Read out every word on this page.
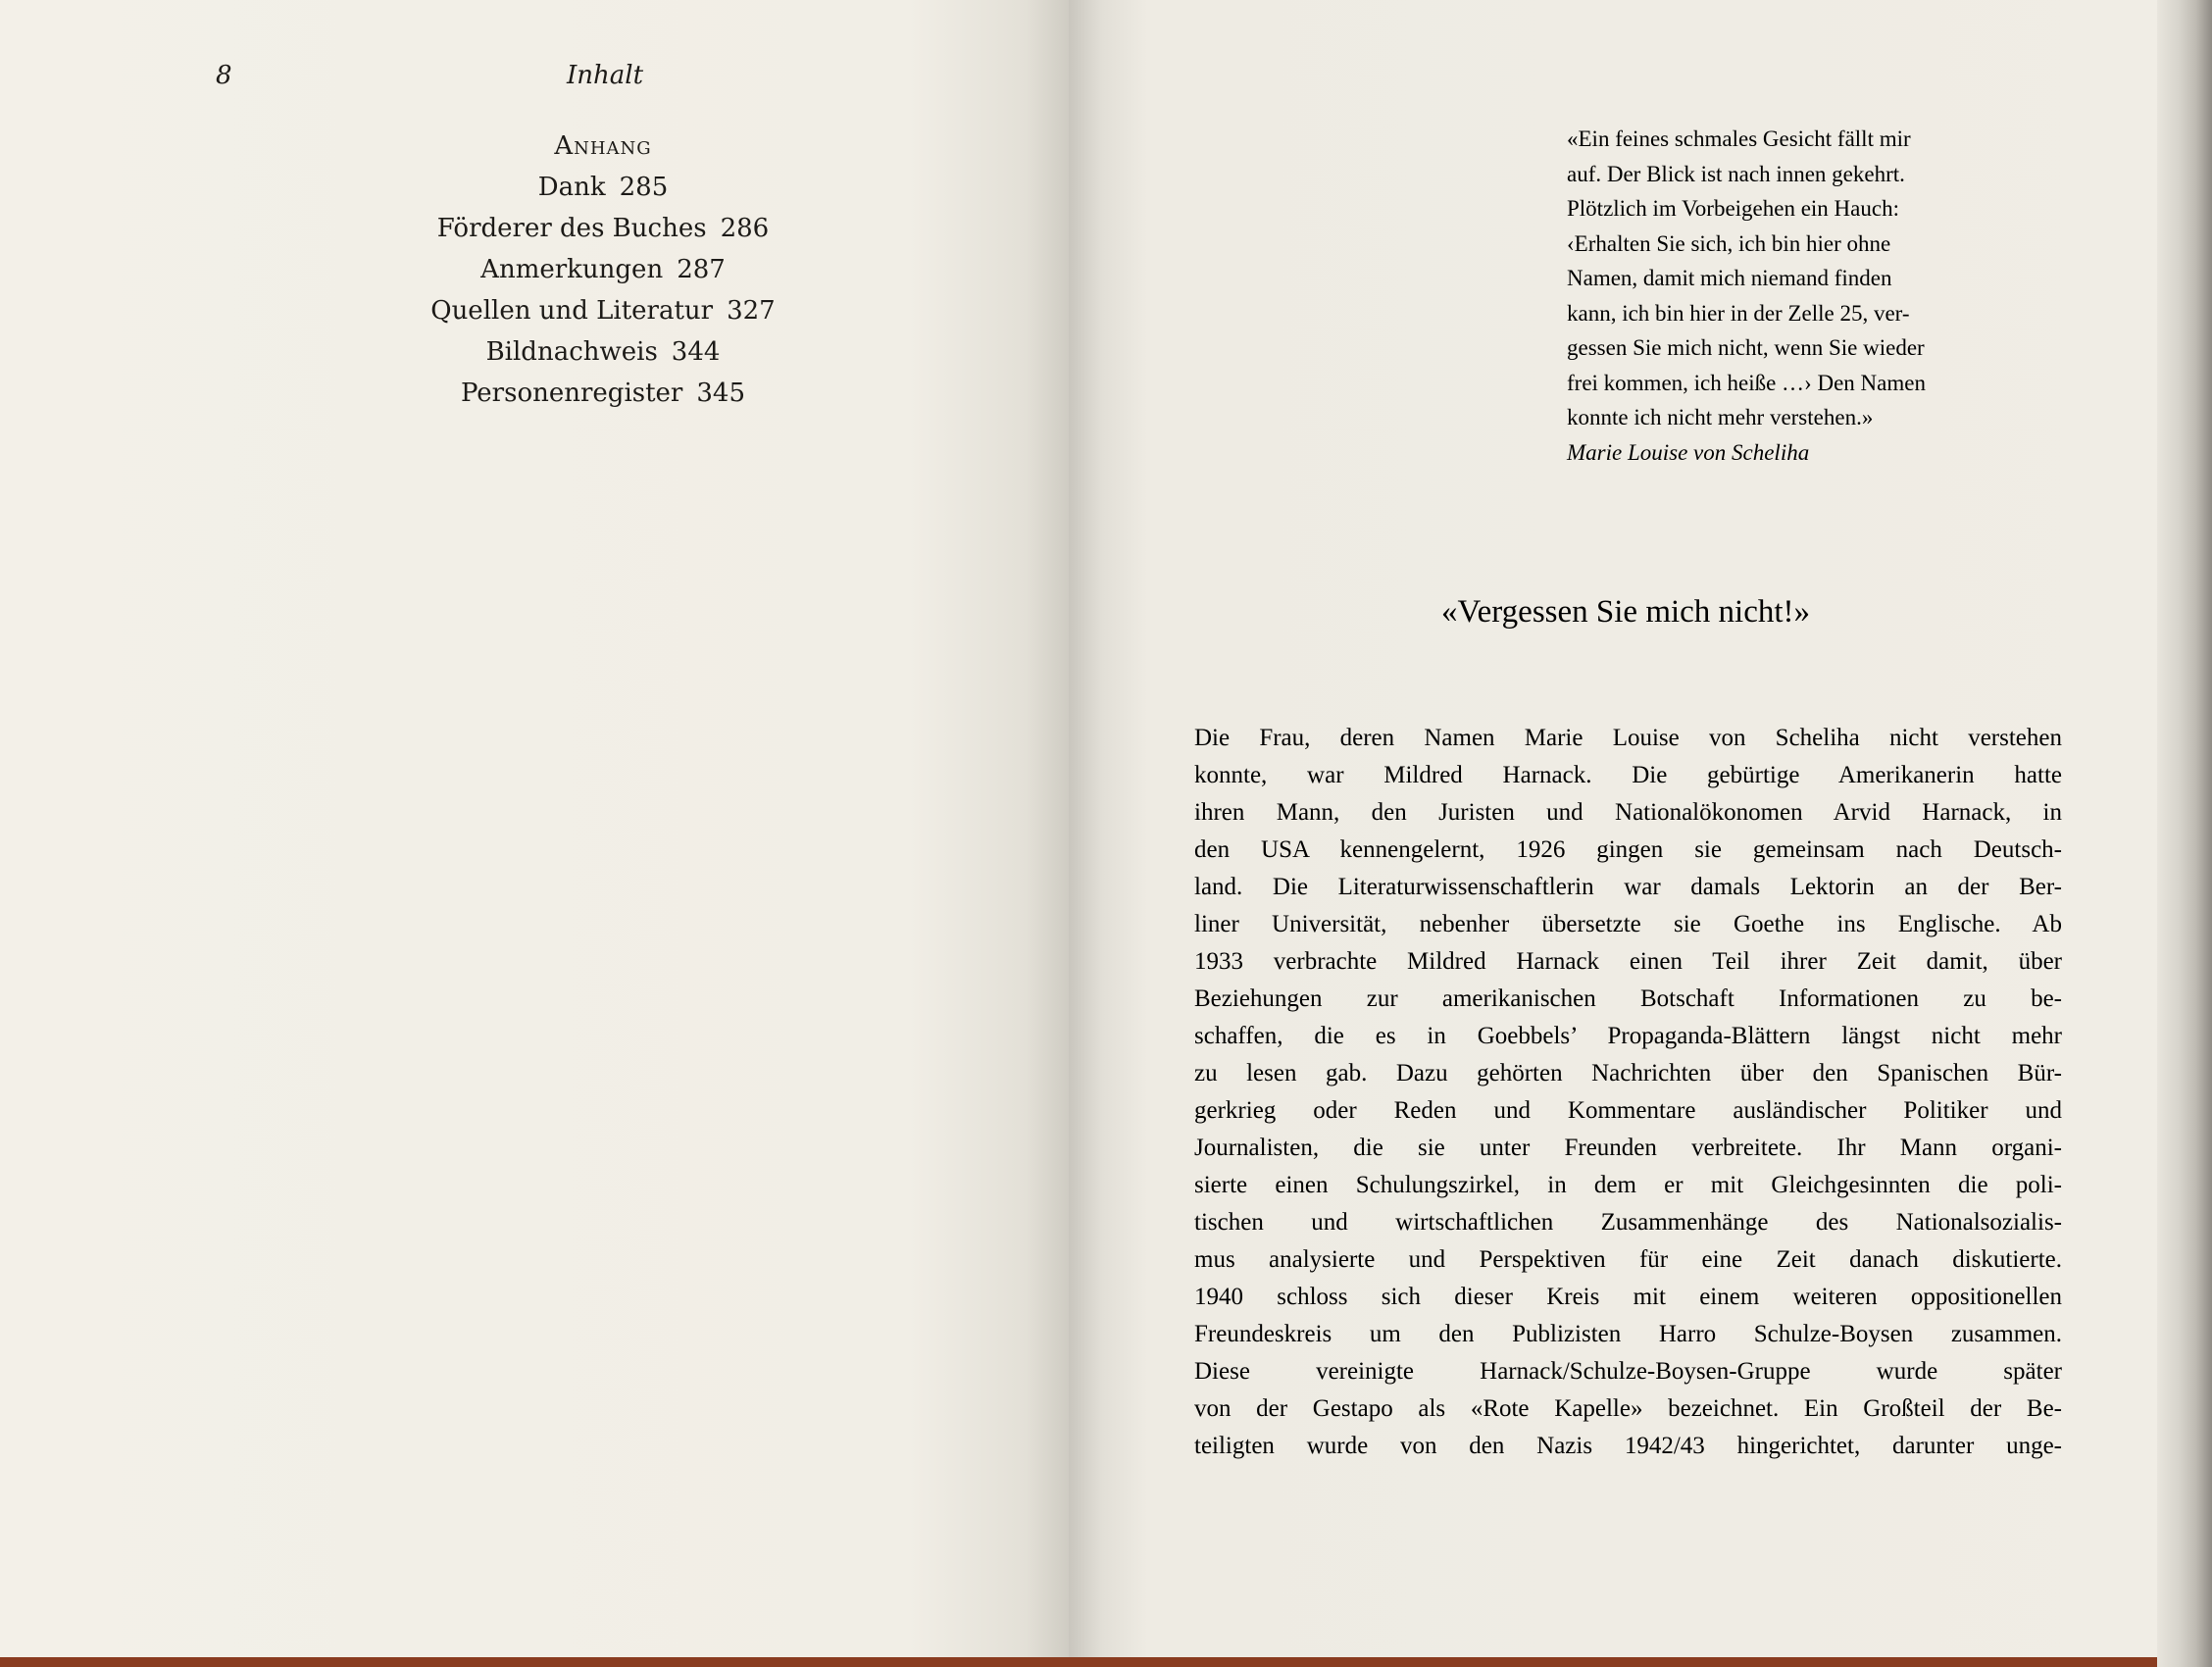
8	Inhalt
Anhang
Dank 285
Förderer des Buches 286
Anmerkungen 287
Quellen und Literatur 327
Bildnachweis 344
Personenregister 345
«Ein feines schmales Gesicht fällt mir
auf. Der Blick ist nach innen gekehrt.
Plötzlich im Vorbeigehen ein Hauch:
‹Erhalten Sie sich, ich bin hier ohne
Namen, damit mich niemand finden
kann, ich bin hier in der Zelle 25, ver-
gessen Sie mich nicht, wenn Sie wieder
frei kommen, ich heiße …› Den Namen
konnte ich nicht mehr verstehen.»
Marie Louise von Scheliha
«Vergessen Sie mich nicht!»
Die Frau, deren Namen Marie Louise von Scheliha nicht verstehen
konnte, war Mildred Harnack. Die gebürtige Amerikanerin hatte
ihren Mann, den Juristen und Nationalökonomen Arvid Harnack, in
den USA kennengelernt, 1926 gingen sie gemeinsam nach Deutsch-
land. Die Literaturwissenschaftlerin war damals Lektorin an der Ber-
liner Universität, nebenher übersetzte sie Goethe ins Englische. Ab
1933 verbrachte Mildred Harnack einen Teil ihrer Zeit damit, über
Beziehungen zur amerikanischen Botschaft Informationen zu be-
schaffen, die es in Goebbels’ Propaganda-Blättern längst nicht mehr
zu lesen gab. Dazu gehörten Nachrichten über den Spanischen Bür-
gerkrieg oder Reden und Kommentare ausländischer Politiker und
Journalisten, die sie unter Freunden verbreitete. Ihr Mann organi-
sierte einen Schulungszirkel, in dem er mit Gleichgesinnten die poli-
tischen und wirtschaftlichen Zusammenhänge des Nationalsozialis-
mus analysierte und Perspektiven für eine Zeit danach diskutierte.
1940 schloss sich dieser Kreis mit einem weiteren oppositionellen
Freundeskreis um den Publizisten Harro Schulze-Boysen zusammen.
Diese vereinigte Harnack/Schulze-Boysen-Gruppe wurde später
von der Gestapo als «Rote Kapelle» bezeichnet. Ein Großteil der Be-
teiligten wurde von den Nazis 1942/43 hingerichtet, darunter unge-
